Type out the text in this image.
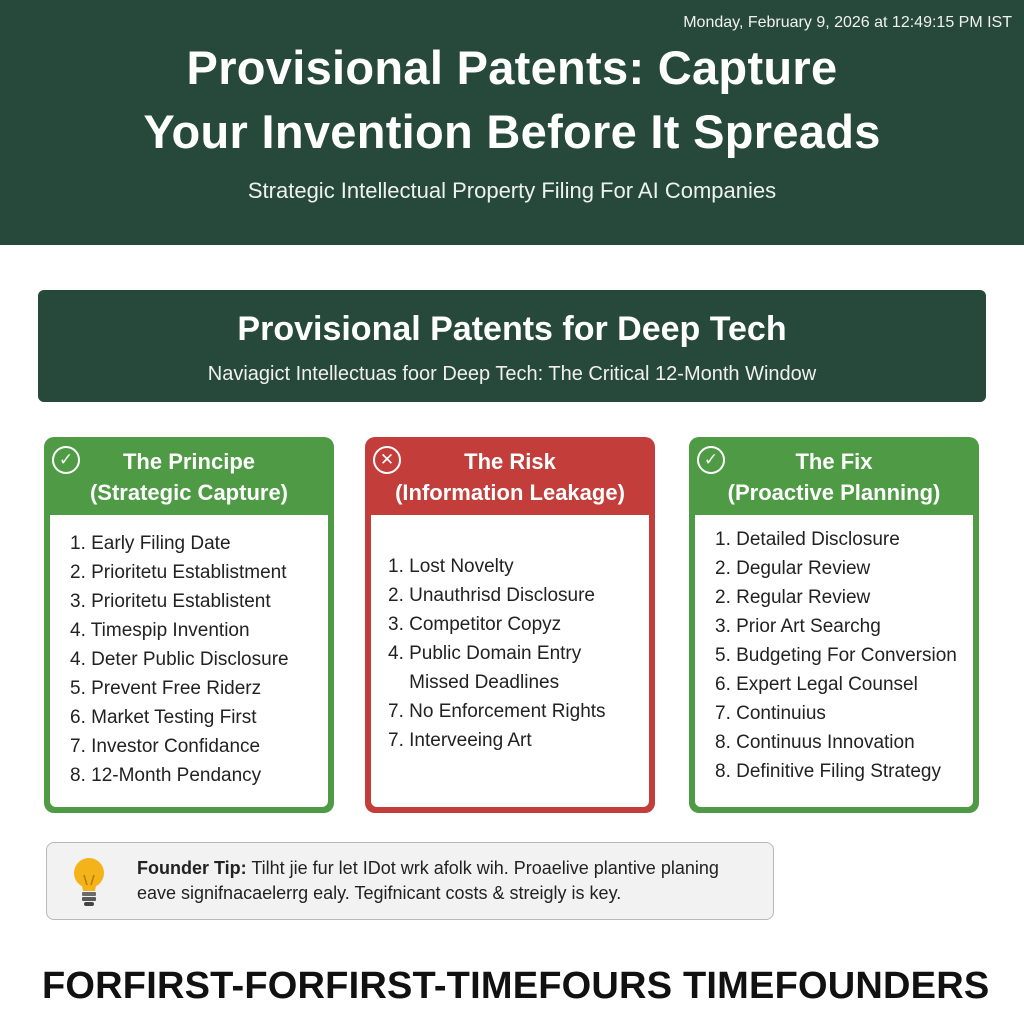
Monday, February 9, 2026 at 12:49:15 PM IST
Provisional Patents: Capture
Your Invention Before It Spreads
Strategic Intellectual Property Filing For AI Companies
Provisional Patents for Deep Tech

Naviagict Intellectuas foor Deep Tech: The Critical 12-Month Window

✓	The Principe
(Strategic Capture)
1. Early Filing Date
2. Prioritetu Establistment
3. Prioritetu Establistent
4. Timespip Invention
4. Deter Public Disclosure
5. Prevent Free Riderz
6. Market Testing First
7. Investor Confidance
8. 12-Month Pendancy
✕	The Risk
(Information Leakage)
1. Lost Novelty
2. Unauthrisd Disclosure
3. Competitor Copyz
4. Public Domain Entry
Missed Deadlines
7. No Enforcement Rights
7. Interveeing Art
✓	The Fix
(Proactive Planning)
1. Detailed Disclosure
2. Degular Review
2. Regular Review
3. Prior Art Searchg
5. Budgeting For Conversion
6. Expert Legal Counsel
7. Continuius
8. Continuus Innovation
8. Definitive Filing Strategy
Founder Tip: Tilht jie fur let IDot wrk afolk wih. Proaelive plantive planing
eave signifnacaelerrg ealy. Tegifnicant costs & streigly is key.
FORFIRST-FORFIRST-TIMEFOURS TIMEFOUNDERS
